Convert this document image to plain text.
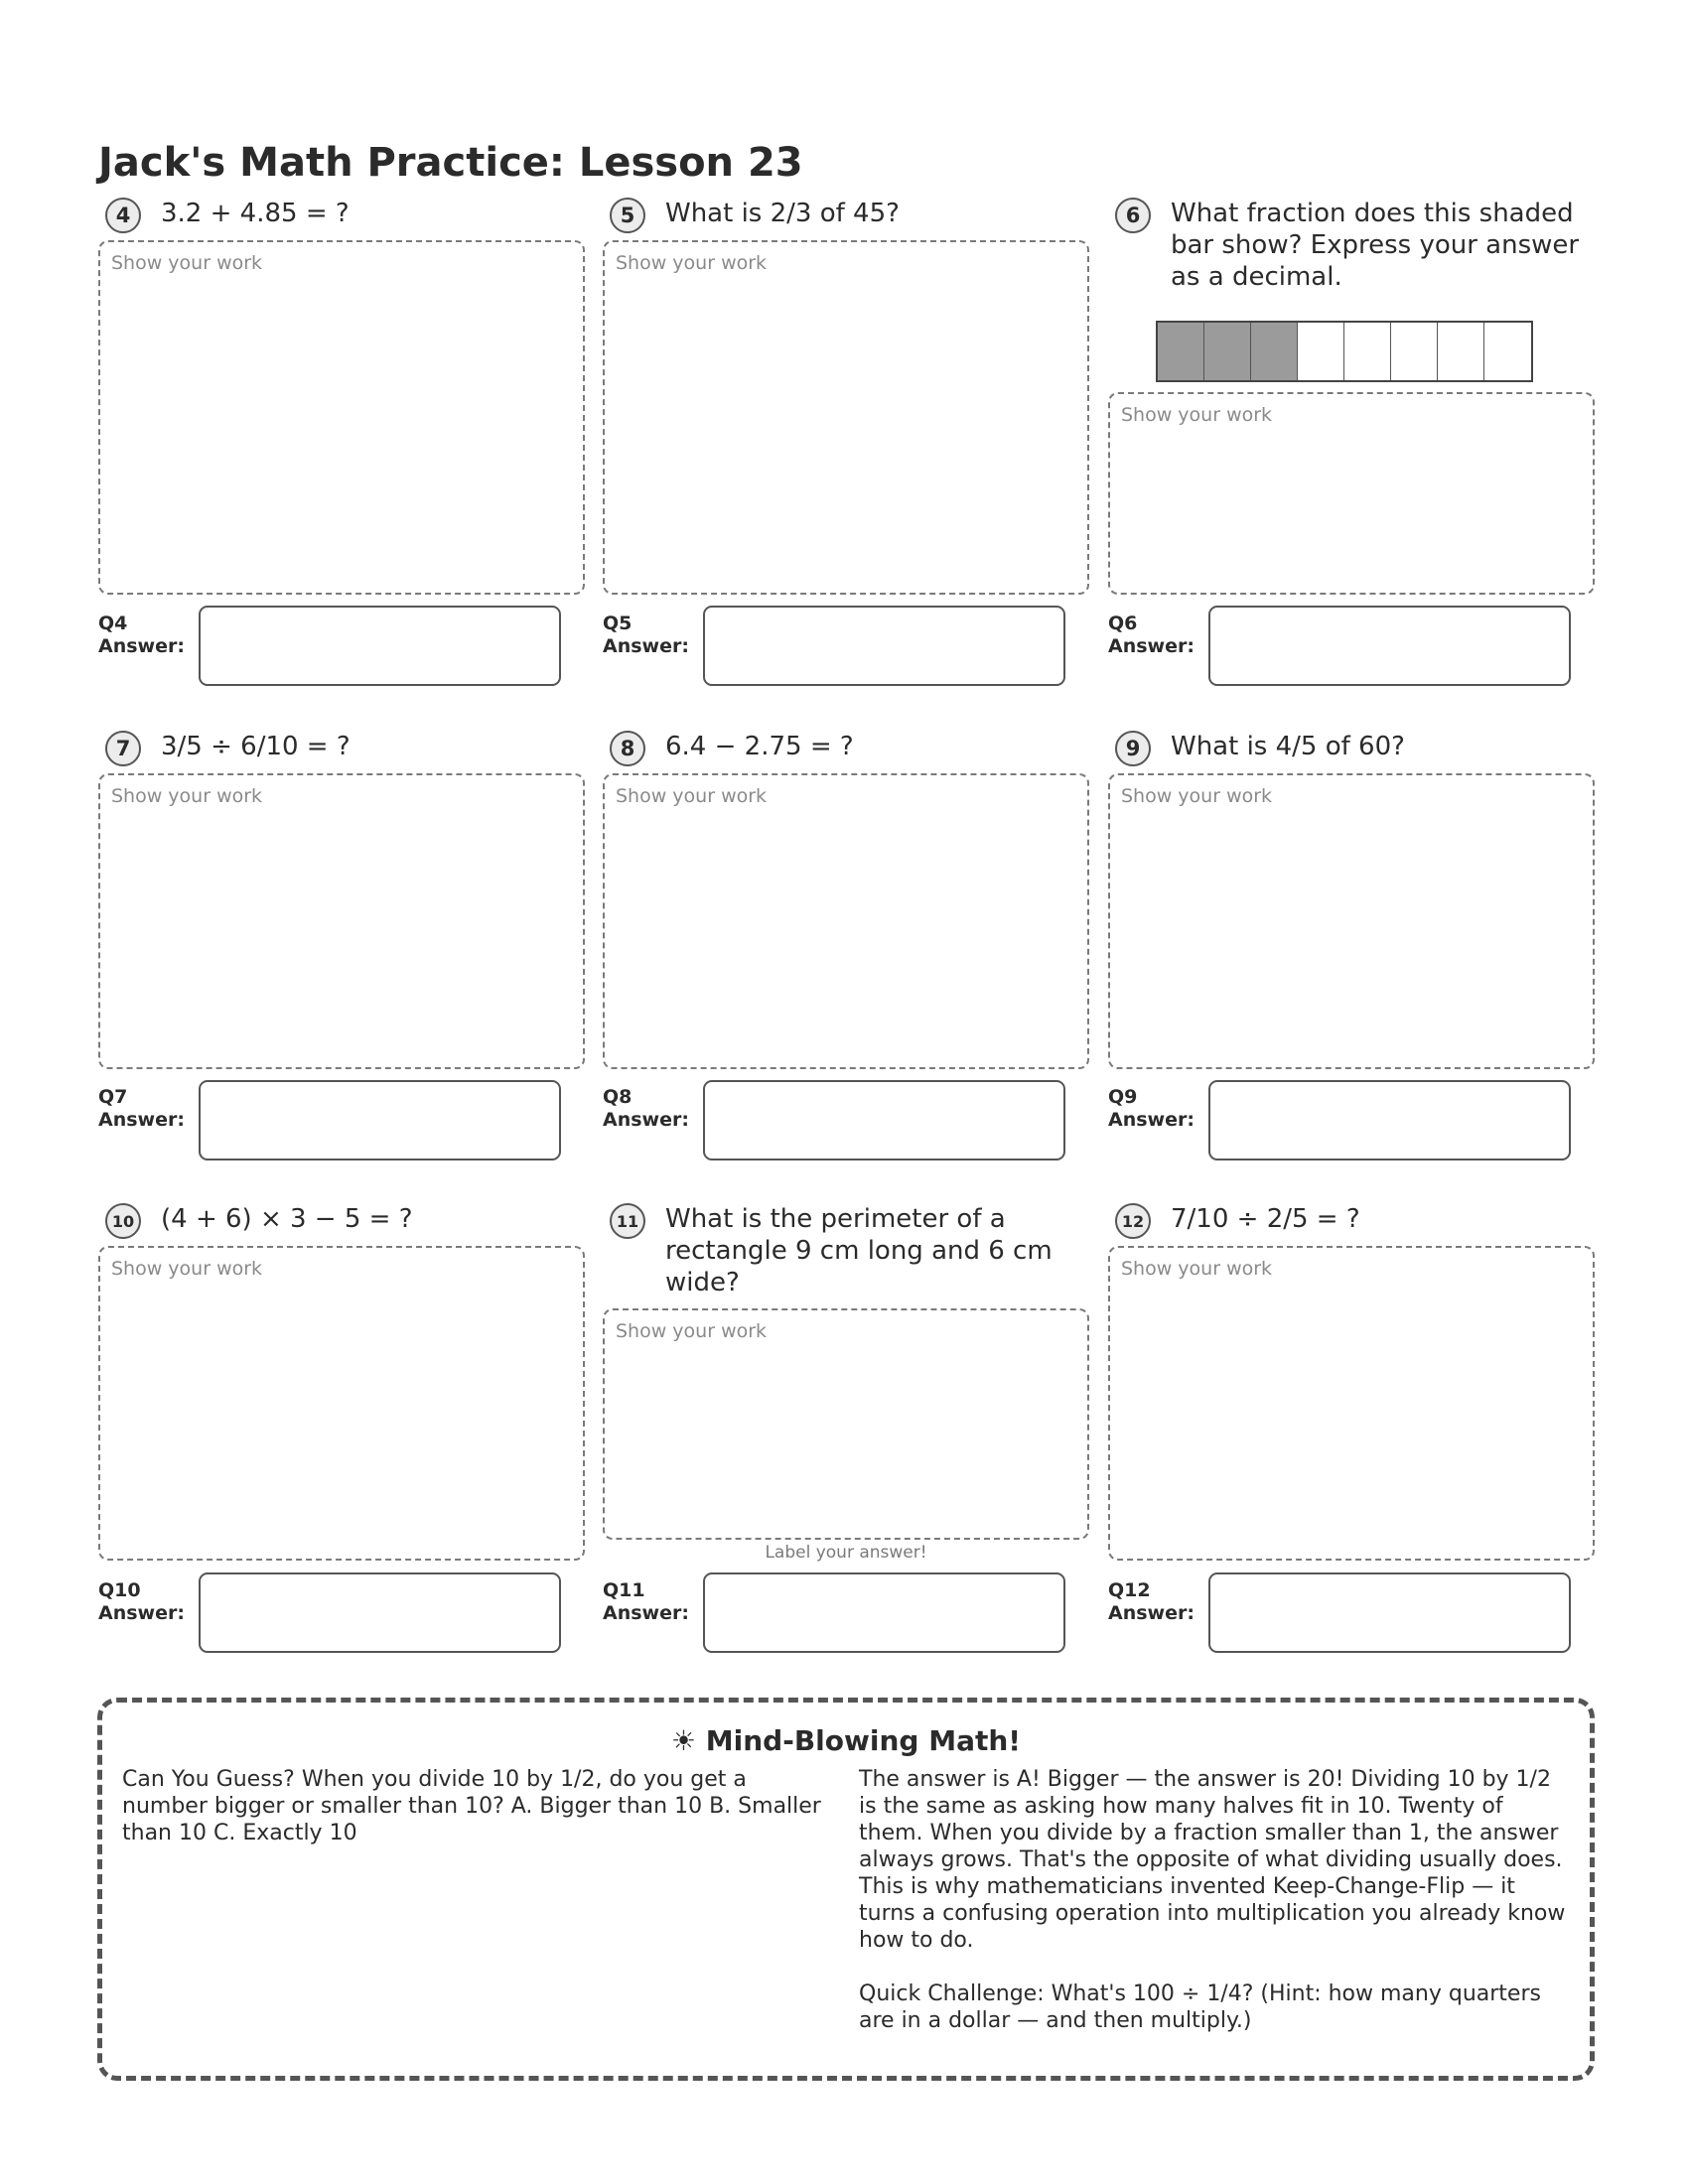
Jack's Math Practice: Lesson 23
4	3.2 + 4.85 = ?
Show your work
Q4
Answer:
5	What is 2/3 of 45?
Show your work
Q5
Answer:
6	What fraction does this shaded bar show? Express your answer as a decimal.
Show your work
Q6
Answer:
7	3/5 ÷ 6/10 = ?
Show your work
Q7
Answer:
8	6.4 − 2.75 = ?
Show your work
Q8
Answer:
9	What is 4/5 of 60?
Show your work
Q9
Answer:
10 (4 + 6) × 3 − 5 = ?
Show your work
Q10
Answer:
11 What is the perimeter of a rectangle 9 cm long and 6 cm wide?
Show your work
Label your answer!
Q11
Answer:
12 7/10 ÷ 2/5 = ?
Show your work
Q12
Answer:
☀ Mind-Blowing Math!
Can You Guess? When you divide 10 by 1/2, do you get a number bigger or smaller than 10? A. Bigger than 10 B. Smaller than 10 C. Exactly 10

The answer is A! Bigger — the answer is 20! Dividing 10 by 1/2 is the same as asking how many halves fit in 10. Twenty of them. When you divide by a fraction smaller than 1, the answer always grows. That's the opposite of what dividing usually does. This is why mathematicians invented Keep-Change-Flip — it turns a confusing operation into multiplication you already know how to do.

Quick Challenge: What's 100 ÷ 1/4? (Hint: how many quarters are in a dollar — and then multiply.)
